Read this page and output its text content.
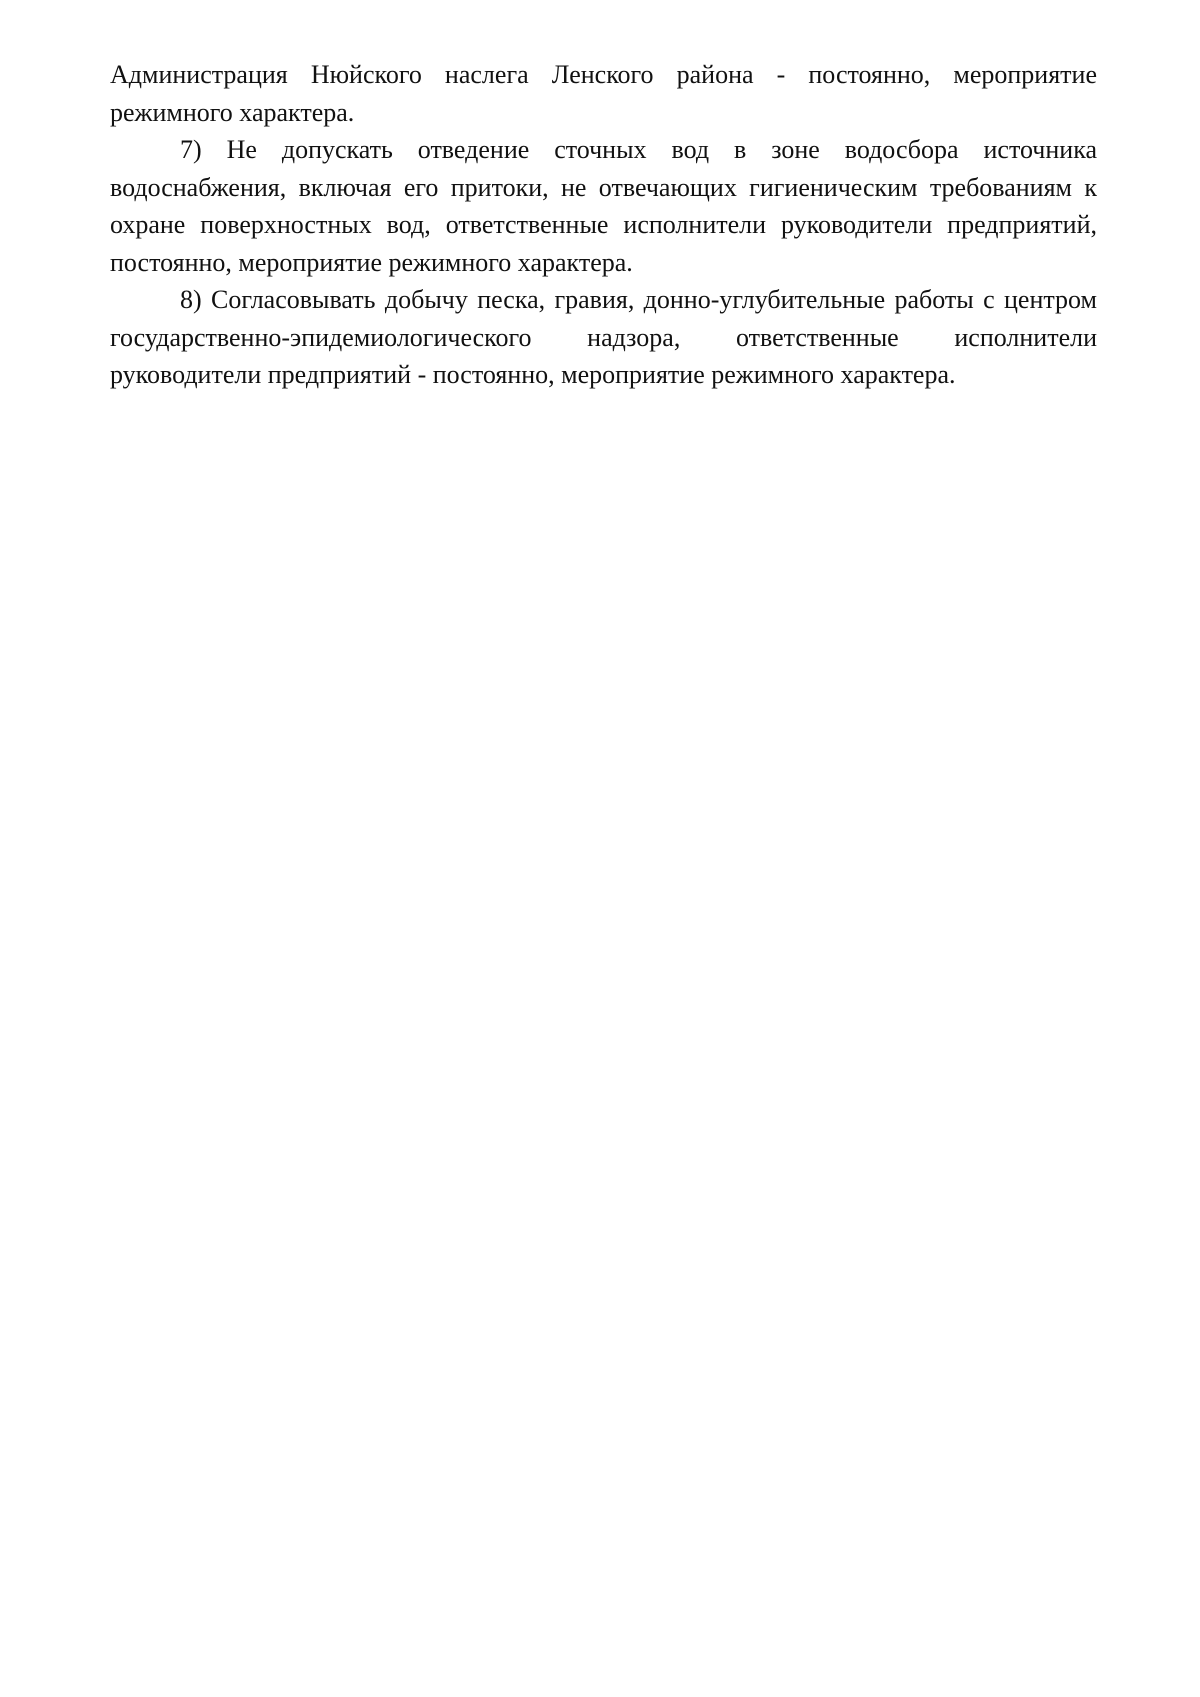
Администрация Нюйского наслега Ленского района - постоянно, мероприятие режимного характера.

7) Не допускать отведение сточных вод в зоне водосбора источника водоснабжения, включая его притоки, не отвечающих гигиеническим требованиям к охране поверхностных вод, ответственные исполнители руководители предприятий, постоянно, мероприятие режимного характера.

8) Согласовывать добычу песка, гравия, донно-углубительные работы с центром государственно-эпидемиологического надзора, ответственные исполнители руководители предприятий - постоянно, мероприятие режимного характера.
